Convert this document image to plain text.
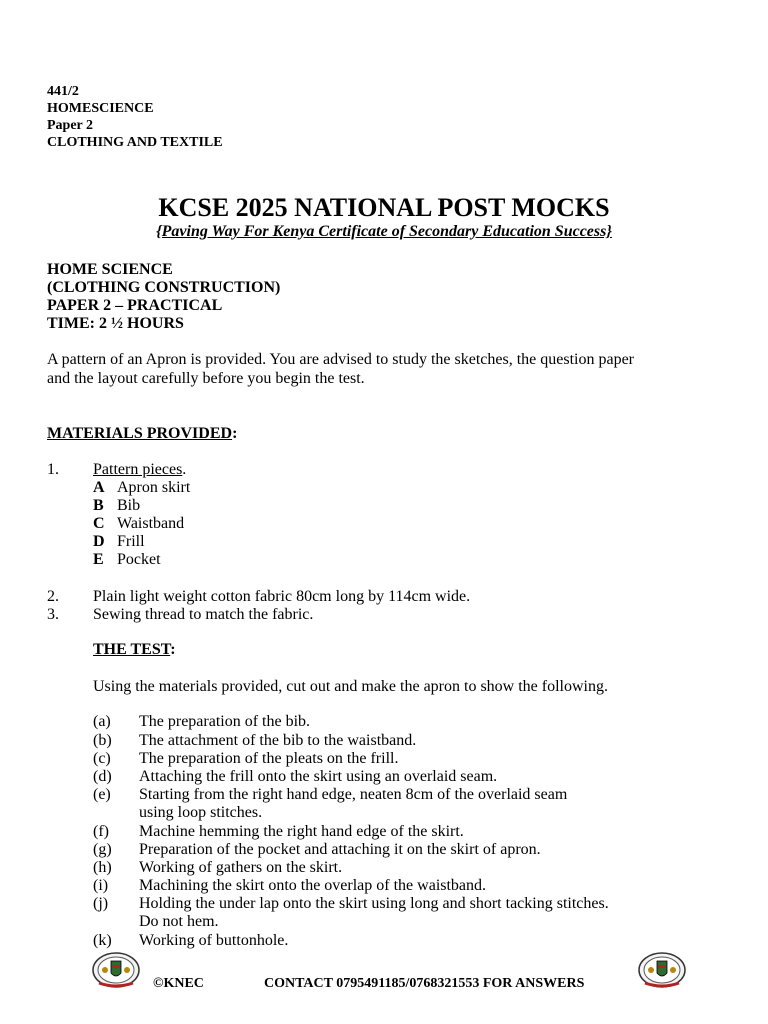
441/2
HOMESCIENCE
Paper 2
CLOTHING AND TEXTILE
KCSE 2025 NATIONAL POST MOCKS
{Paving Way For Kenya Certificate of Secondary Education Success}
HOME SCIENCE
(CLOTHING CONSTRUCTION)
PAPER 2 – PRACTICAL
TIME: 2 ½ HOURS
A pattern of an Apron is provided. You are advised to study the sketches, the question paper
and the layout carefully before you begin the test.
MATERIALS PROVIDED:
1. Pattern pieces.
A Apron skirt
B Bib
C Waistband
D Frill
E Pocket
2. Plain light weight cotton fabric 80cm long by 114cm wide.
3. Sewing thread to match the fabric.
THE TEST:
Using the materials provided, cut out and make the apron to show the following.
(a) The preparation of the bib.
(b) The attachment of the bib to the waistband.
(c) The preparation of the pleats on the frill.
(d) Attaching the frill onto the skirt using an overlaid seam.
(e) Starting from the right hand edge, neaten 8cm of the overlaid seam
using loop stitches.
(f) Machine hemming the right hand edge of the skirt.
(g) Preparation of the pocket and attaching it on the skirt of apron.
(h) Working of gathers on the skirt.
(i) Machining the skirt onto the overlap of the waistband.
(j) Holding the under lap onto the skirt using long and short tacking stitches.
Do not hem.
(k) Working of buttonhole.
©KNEC	CONTACT 0795491185/0768321553 FOR ANSWERS
